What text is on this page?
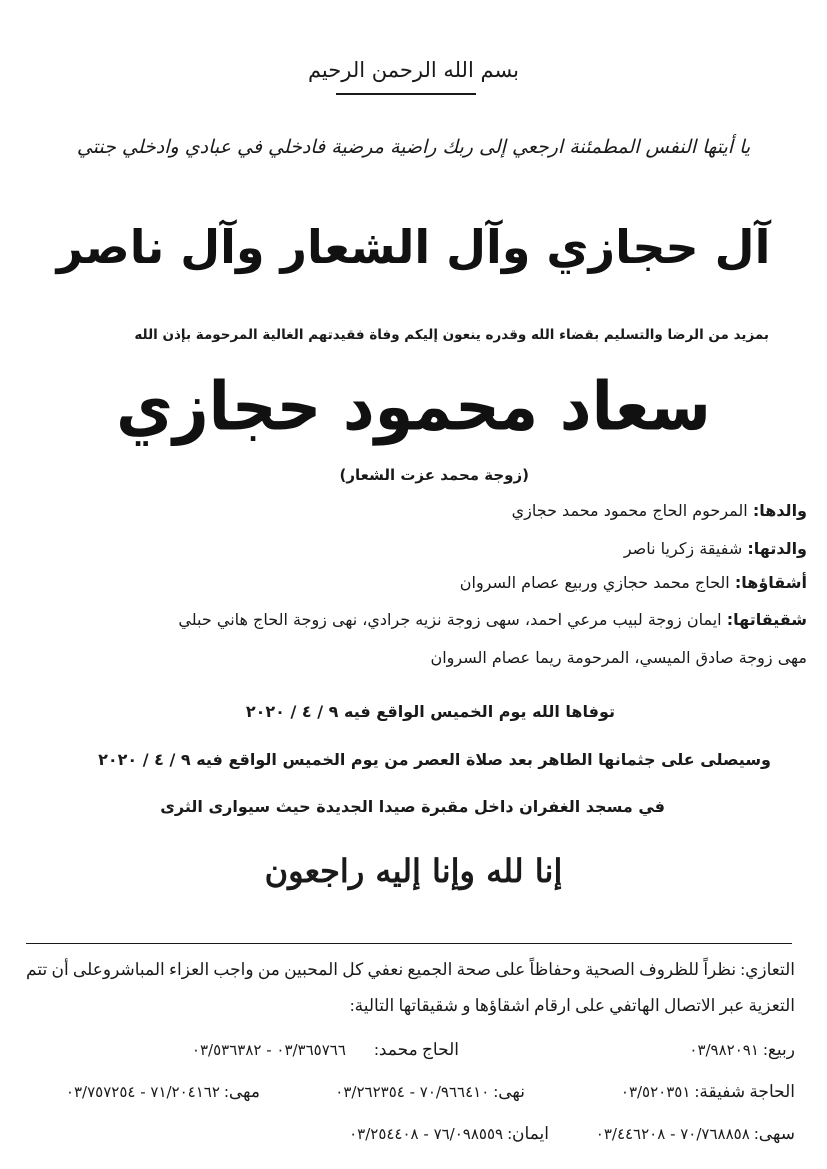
بسم الله الرحمن الرحيم
يا أيتها النفس المطمئنة ارجعي إلى ربك راضية مرضية فادخلي في عبادي وادخلي جنتي
آل حجازي وآل الشعار وآل ناصر
بمزيد من الرضا والتسليم بقضاء الله وقدره ينعون إليكم وفاة فقيدتهم الغالية المرحومة بإذن الله
سعاد محمود حجازي
(زوجة محمد عزت الشعار)
والدها: المرحوم الحاج محمود محمد حجازي
والدتها: شفيقة زكريا ناصر
أشقاؤها: الحاج محمد حجازي وربيع عصام السروان
شقيقاتها: ايمان زوجة لبيب مرعي احمد، سهى زوجة نزيه جرادي، نهى زوجة الحاج هاني حبلي
مهى زوجة صادق الميسي، المرحومة ريما عصام السروان
توفاها الله يوم الخميس الواقع فيه ٩ / ٤ / ٢٠٢٠
وسيصلى على جثمانها الطاهر بعد صلاة العصر من يوم الخميس الواقع فيه ٩ / ٤ / ٢٠٢٠
في مسجد الغفران داخل مقبرة صيدا الجديدة حيث سيوارى الثرى
إنا لله وإنا إليه راجعون
التعازي: نظراً للظروف الصحية وحفاظاً على صحة الجميع نعفي كل المحبين من واجب العزاء المباشروعلى أن تتم
التعزية عبر الاتصال الهاتفي على ارقام اشقاؤها و شقيقاتها التالية:
ربيع: ٠٣/٩٨٢٠٩١
الحاج محمد: ٠٣/٣٦٥٧٦٦ - ٠٣/٥٣٦٣٨٢
الحاجة شفيقة: ٠٣/٥٢٠٣٥١
نهى: ٧٠/٩٦٦٤١٠ - ٠٣/٢٦٢٣٥٤
مهى: ٧١/٢٠٤١٦٢ - ٠٣/٧٥٧٢٥٤
سهى: ٧٠/٧٦٨٨٥٨ - ٠٣/٤٤٦٢٠٨
ايمان: ٧٦/٠٩٨٥٥٩ - ٠٣/٢٥٤٤٠٨
